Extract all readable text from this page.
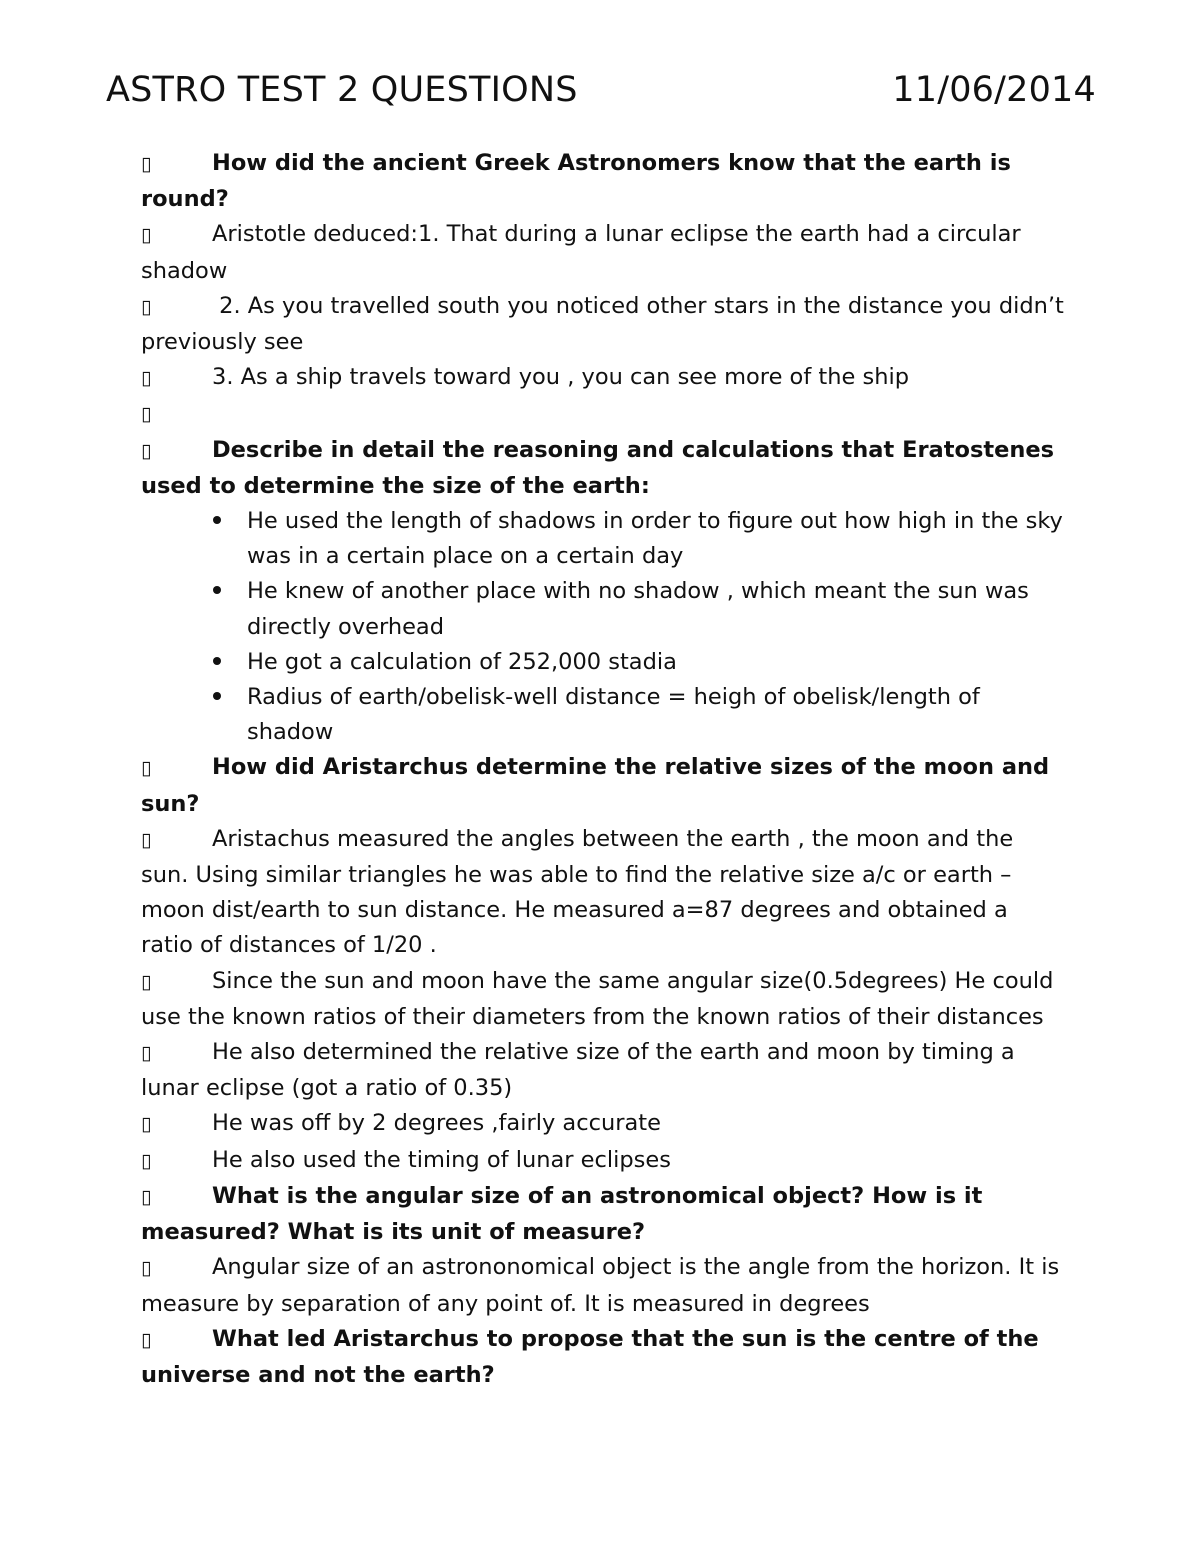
ASTRO TEST 2 QUESTIONS	11/06/2014

▯	How did the ancient Greek Astronomers know that the earth is round?

▯	Aristotle deduced:1. That during a lunar eclipse the earth had a circular shadow

▯	2. As you travelled south you noticed other stars in the distance you didn’t previously see

▯	3. As a ship travels toward you , you can see more of the ship

▯

▯	Describe in detail the reasoning and calculations that Eratostenes used to determine the size of the earth:

He used the length of shadows in order to figure out how high in the sky was in a certain place on a certain day
He knew of another place with no shadow , which meant the sun was directly overhead
He got a calculation of 252,000 stadia
Radius of earth/obelisk-well distance = heigh of obelisk/length of shadow

▯	How did Aristarchus determine the relative sizes of the moon and sun?

▯	Aristachus measured the angles between the earth , the moon and the sun. Using similar triangles he was able to find the relative size a/c or earth –moon dist/earth to sun distance. He measured a=87 degrees and obtained a ratio of distances of 1/20 .

▯	Since the sun and moon have the same angular size(0.5degrees) He could use the known ratios of their diameters from the known ratios of their distances

▯	He also determined the relative size of the earth and moon by timing a lunar eclipse (got a ratio of 0.35)

▯	He was off by 2 degrees ,fairly accurate

▯	He also used the timing of lunar eclipses

▯	What is the angular size of an astronomical object? How is it measured? What is its unit of measure?

▯	Angular size of an astrononomical object is the angle from the horizon. It is measure by separation of any point of. It is measured in degrees

▯	What led Aristarchus to propose that the sun is the centre of the universe and not the earth?
